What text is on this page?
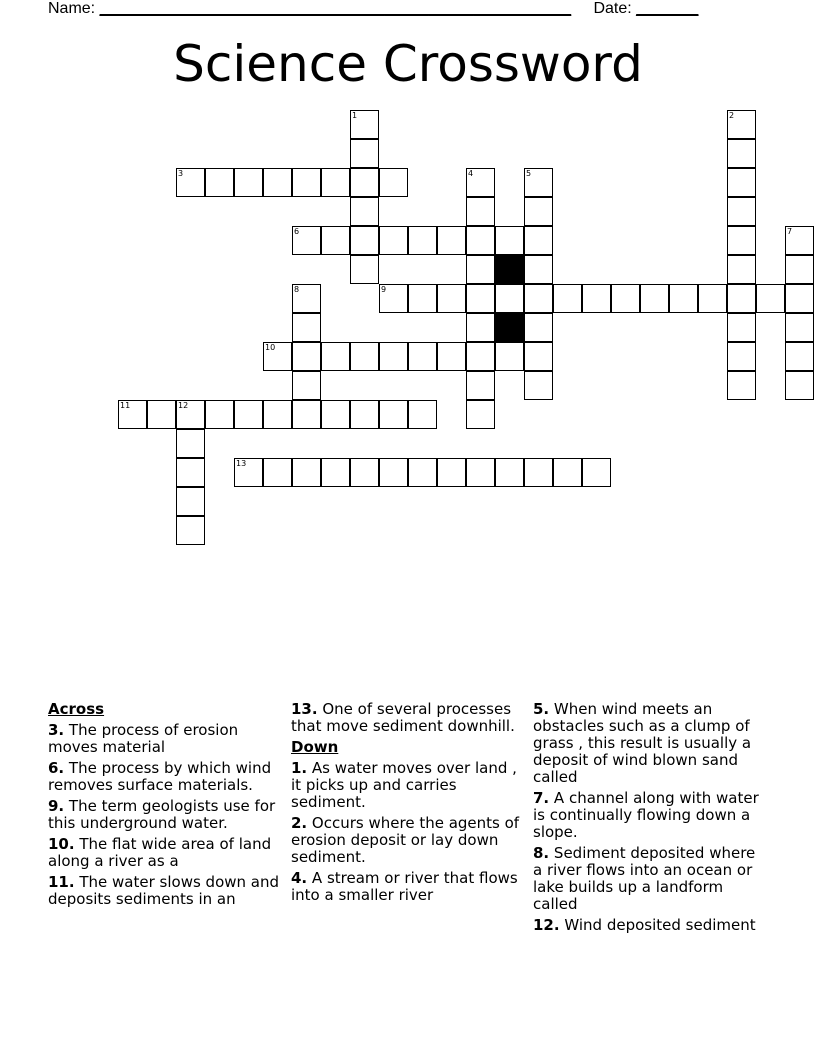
Name: _____________________________________________________ Date: _______
Science Crossword
1	2
3	4	5
6	7
8	9
10
11	12
13
Across
3. The process of erosion moves material
6. The process by which wind removes surface materials.
9. The term geologists use for this underground water.
10. The flat wide area of land along a river as a
11. The water slows down and deposits sediments in an
13. One of several processes that move sediment downhill.
Down
1. As water moves over land , it picks up and carries sediment.
2. Occurs where the agents of erosion deposit or lay down sediment.
4. A stream or river that flows into a smaller river
5. When wind meets an obstacles such as a clump of grass , this result is usually a deposit of wind blown sand called
7. A channel along with water is continually flowing down a slope.
8. Sediment deposited where a river flows into an ocean or lake builds up a landform called
12. Wind deposited sediment
